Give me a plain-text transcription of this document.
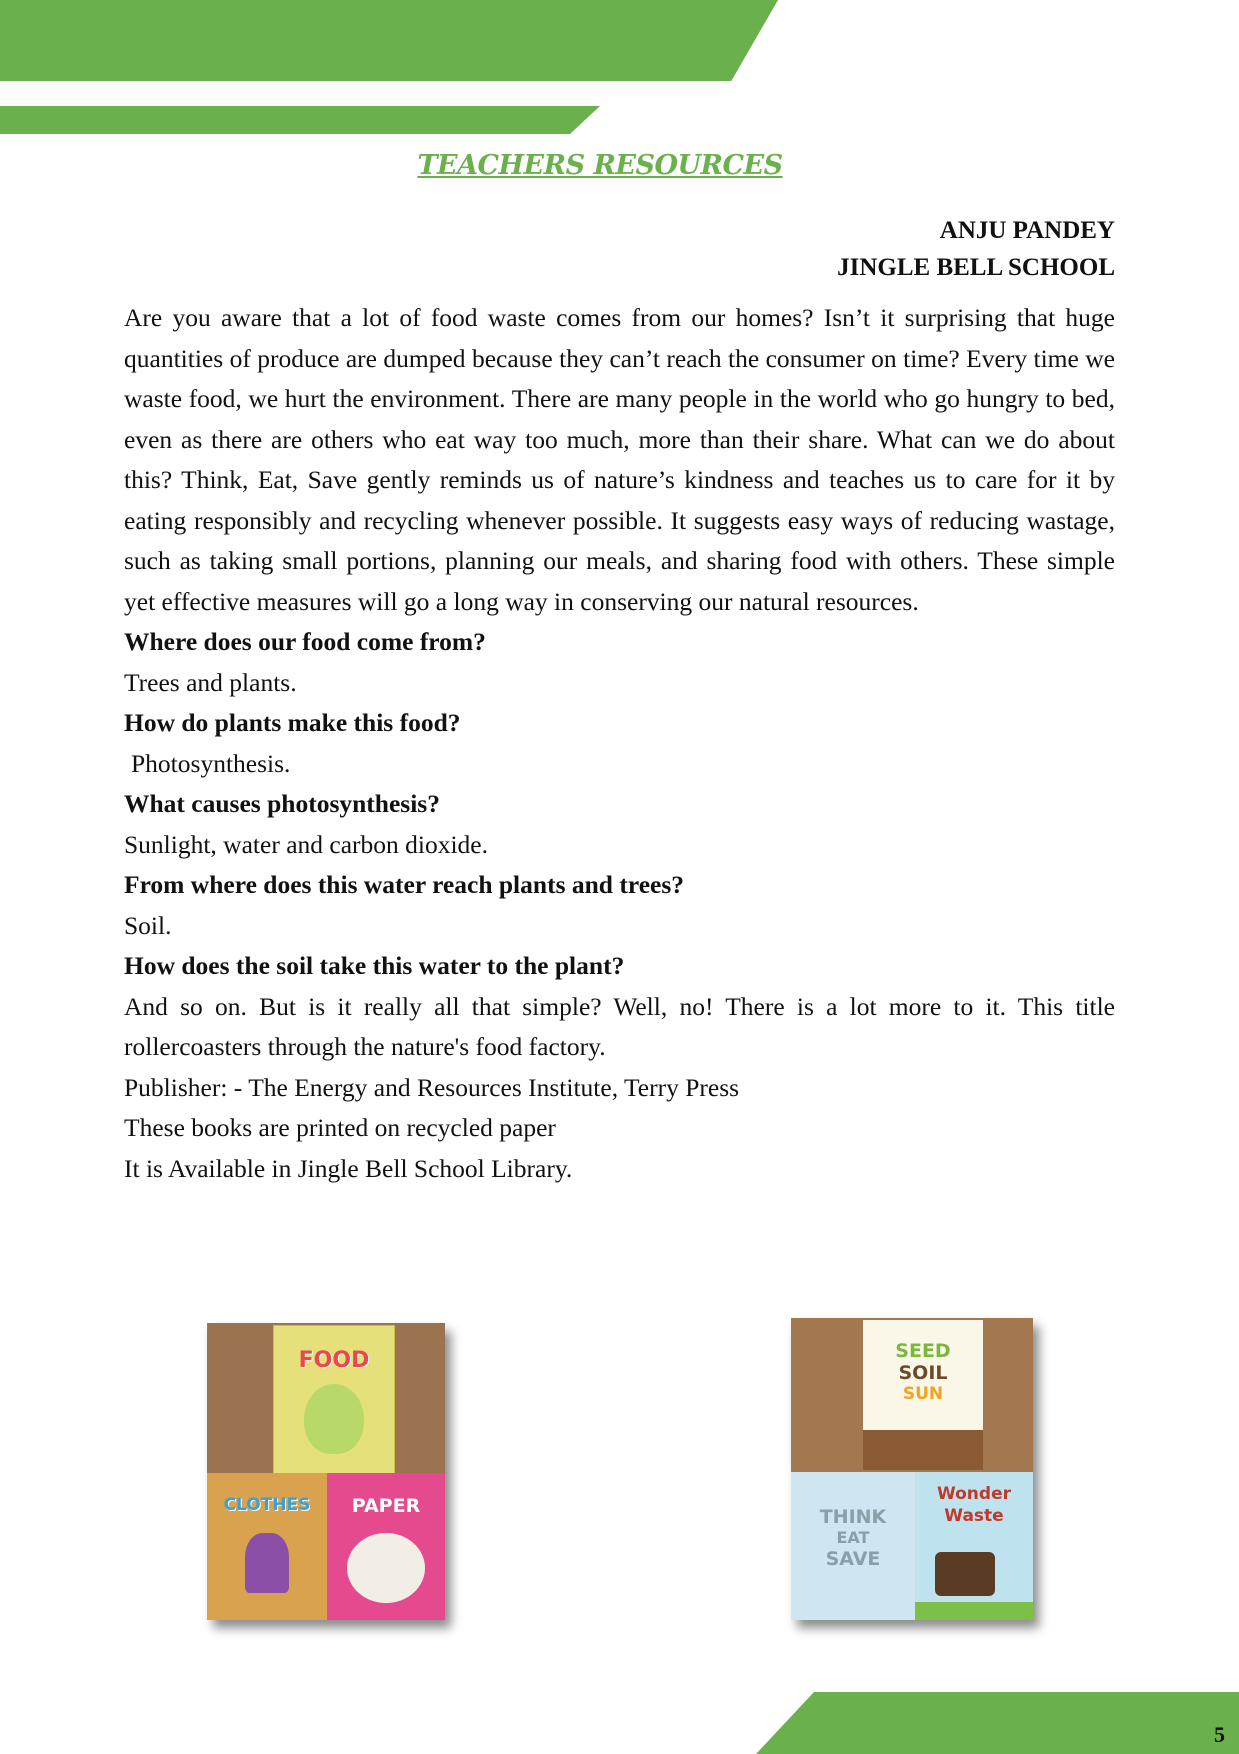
TEACHERS RESOURCES
ANJU PANDEY
JINGLE BELL SCHOOL

Are you aware that a lot of food waste comes from our homes? Isn’t it surprising that huge quantities of produce are dumped because they can’t reach the consumer on time? Every time we waste food, we hurt the environment. There are many people in the world who go hungry to bed, even as there are others who eat way too much, more than their share. What can we do about this? Think, Eat, Save gently reminds us of nature’s kindness and teaches us to care for it by eating responsibly and recycling whenever possible. It suggests easy ways of reducing wastage, such as taking small portions, planning our meals, and sharing food with others. These simple yet effective measures will go a long way in conserving our natural resources.

Where does our food come from?

Trees and plants.

How do plants make this food?

Photosynthesis.

What causes photosynthesis?

Sunlight, water and carbon dioxide.

From where does this water reach plants and trees?

Soil.

How does the soil take this water to the plant?

And so on. But is it really all that simple? Well, no! There is a lot more to it. This title rollercoasters through the nature's food factory.

Publisher: - The Energy and Resources Institute, Terry Press

These books are printed on recycled paper

It is Available in Jingle Bell School Library.

FOOD
CLOTHES	PAPER
SEED
SOIL
SUN
THINK
EAT
SAVE
Wonder
Waste
5
